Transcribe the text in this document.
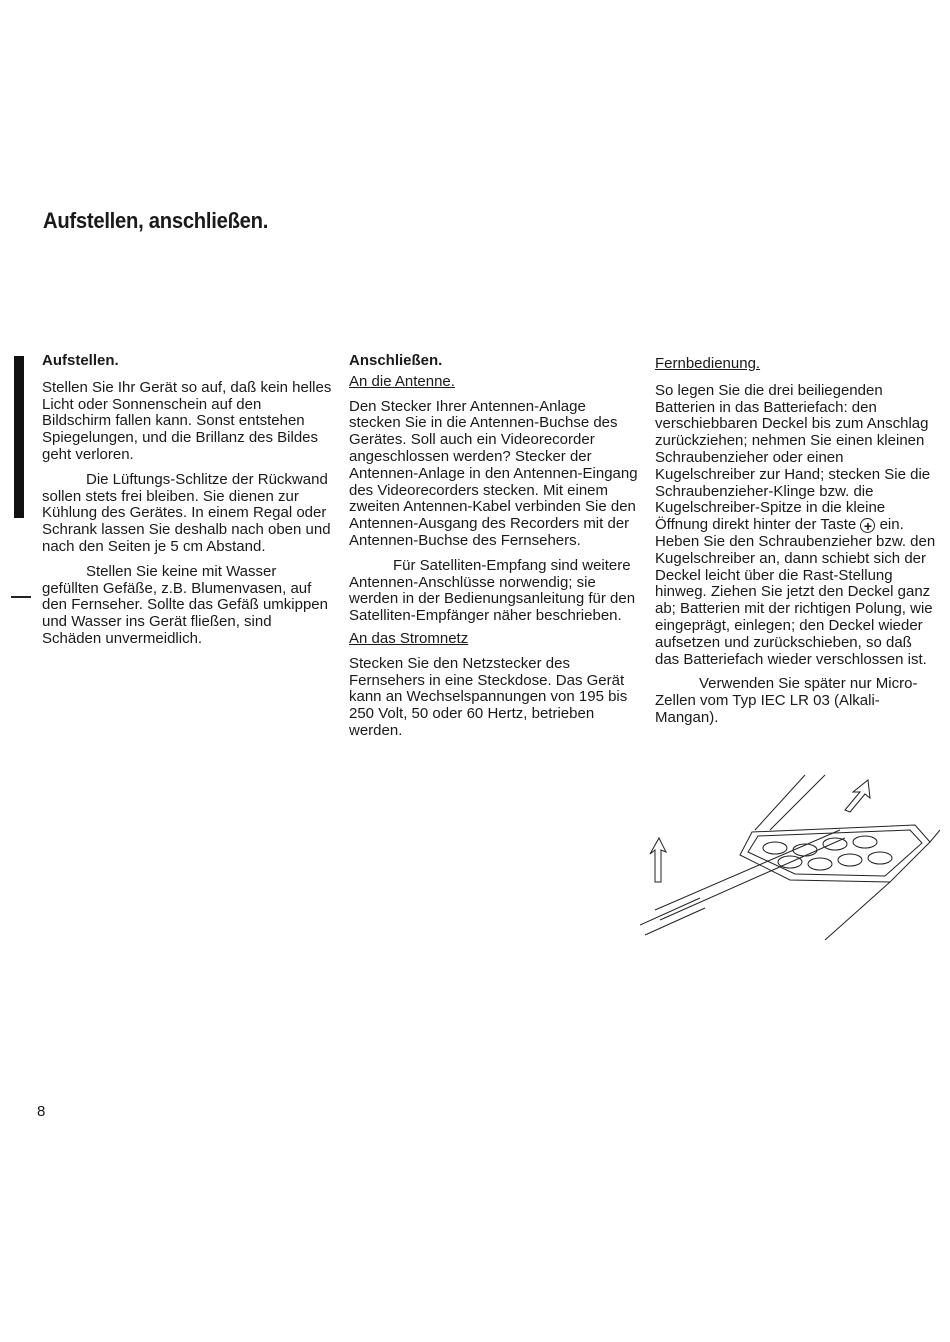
Aufstellen, anschließen.
Aufstellen.

Stellen Sie Ihr Gerät so auf, daß kein helles Licht oder Sonnenschein auf den Bildschirm fallen kann. Sonst entstehen Spiegelungen, und die Brillanz des Bildes geht verloren.

Die Lüftungs-Schlitze der Rückwand sollen stets frei bleiben. Sie dienen zur Kühlung des Gerätes. In einem Regal oder Schrank lassen Sie deshalb nach oben und nach den Seiten je 5 cm Abstand.

Stellen Sie keine mit Wasser gefüllten Gefäße, z.B. Blumenvasen, auf den Fernseher. Sollte das Gefäß umkippen und Wasser ins Gerät fließen, sind Schäden unvermeidlich.

Anschließen.
An die Antenne.

Den Stecker Ihrer Antennen-Anlage stecken Sie in die Antennen-Buchse des Gerätes. Soll auch ein Videorecorder angeschlossen werden? Stecker der Antennen-Anlage in den Antennen-Eingang des Videorecorders stecken. Mit einem zweiten Antennen-Kabel verbinden Sie den Antennen-Ausgang des Recorders mit der Antennen-Buchse des Fernsehers.

Für Satelliten-Empfang sind weitere Antennen-Anschlüsse norwendig; sie werden in der Bedienungsanleitung für den Satelliten-Empfänger näher beschrieben.

An das Stromnetz

Stecken Sie den Netzstecker des Fernsehers in eine Steckdose. Das Gerät kann an Wechselspannungen von 195 bis 250 Volt, 50 oder 60 Hertz, betrieben werden.

Fernbedienung.

So legen Sie die drei beiliegenden Batterien in das Batteriefach: den verschiebbaren Deckel bis zum Anschlag zurückziehen; nehmen Sie einen kleinen Schraubenzieher oder einen Kugelschreiber zur Hand; stecken Sie die Schraubenzieher-Klinge bzw. die Kugelschreiber-Spitze in die kleine Öffnung direkt hinter der Taste + ein. Heben Sie den Schraubenzieher bzw. den Kugelschreiber an, dann schiebt sich der Deckel leicht über die Rast-Stellung hinweg. Ziehen Sie jetzt den Deckel ganz ab; Batterien mit der richtigen Polung, wie eingeprägt, einlegen; den Deckel wieder aufsetzen und zurückschieben, so daß das Batteriefach wieder verschlossen ist.

Verwenden Sie später nur Micro-Zellen vom Typ IEC LR 03 (Alkali-Mangan).

8
